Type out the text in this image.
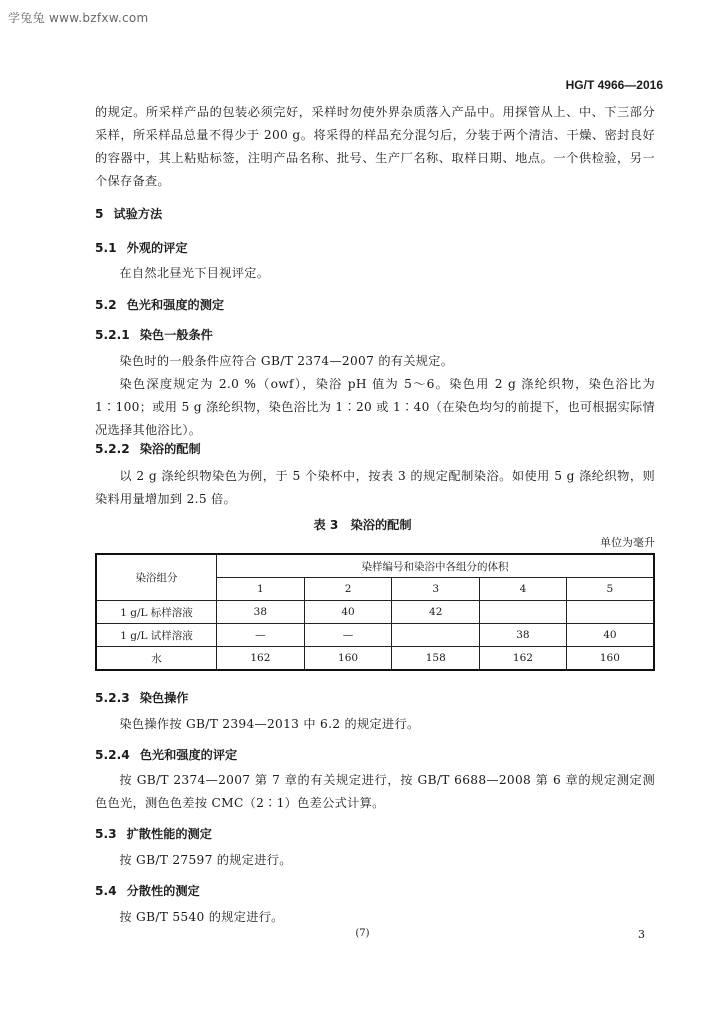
学兔兔 www.bzfxw.com
HG/T 4966—2016
的规定。所采样产品的包装必须完好，采样时勿使外界杂质落入产品中。用探管从上、中、下三部分采样，所采样品总量不得少于 200 g。将采得的样品充分混匀后，分装于两个清洁、干燥、密封良好的容器中，其上粘贴标签，注明产品名称、批号、生产厂名称、取样日期、地点。一个供检验，另一个保存备查。
5 试验方法
5.1 外观的评定
在自然北昼光下目视评定。
5.2 色光和强度的测定
5.2.1 染色一般条件
染色时的一般条件应符合 GB/T 2374—2007 的有关规定。
染色深度规定为 2.0 %（owf），染浴 pH 值为 5～6。染色用 2 g 涤纶织物，染色浴比为 1∶100；或用 5 g 涤纶织物，染色浴比为 1∶20 或 1∶40（在染色均匀的前提下，也可根据实际情况选择其他浴比）。
5.2.2 染浴的配制
以 2 g 涤纶织物染色为例，于 5 个染杯中，按表 3 的规定配制染浴。如使用 5 g 涤纶织物，则染料用量增加到 2.5 倍。
表 3　染浴的配制
单位为毫升
染浴组分	染样编号和染浴中各组分的体积				
	1	2	3	4	5
1 g/L 标样溶液	38	40	42		
1 g/L 试样溶液	—	—		38	40
水	162	160	158	162	160
5.2.3 染色操作
染色操作按 GB/T 2394—2013 中 6.2 的规定进行。
5.2.4 色光和强度的评定
按 GB/T 2374—2007 第 7 章的有关规定进行，按 GB/T 6688—2008 第 6 章的规定测定测色色光，测色色差按 CMC（2∶1）色差公式计算。
5.3 扩散性能的测定
按 GB/T 27597 的规定进行。
5.4 分散性的测定
按 GB/T 5540 的规定进行。
(7)	3
